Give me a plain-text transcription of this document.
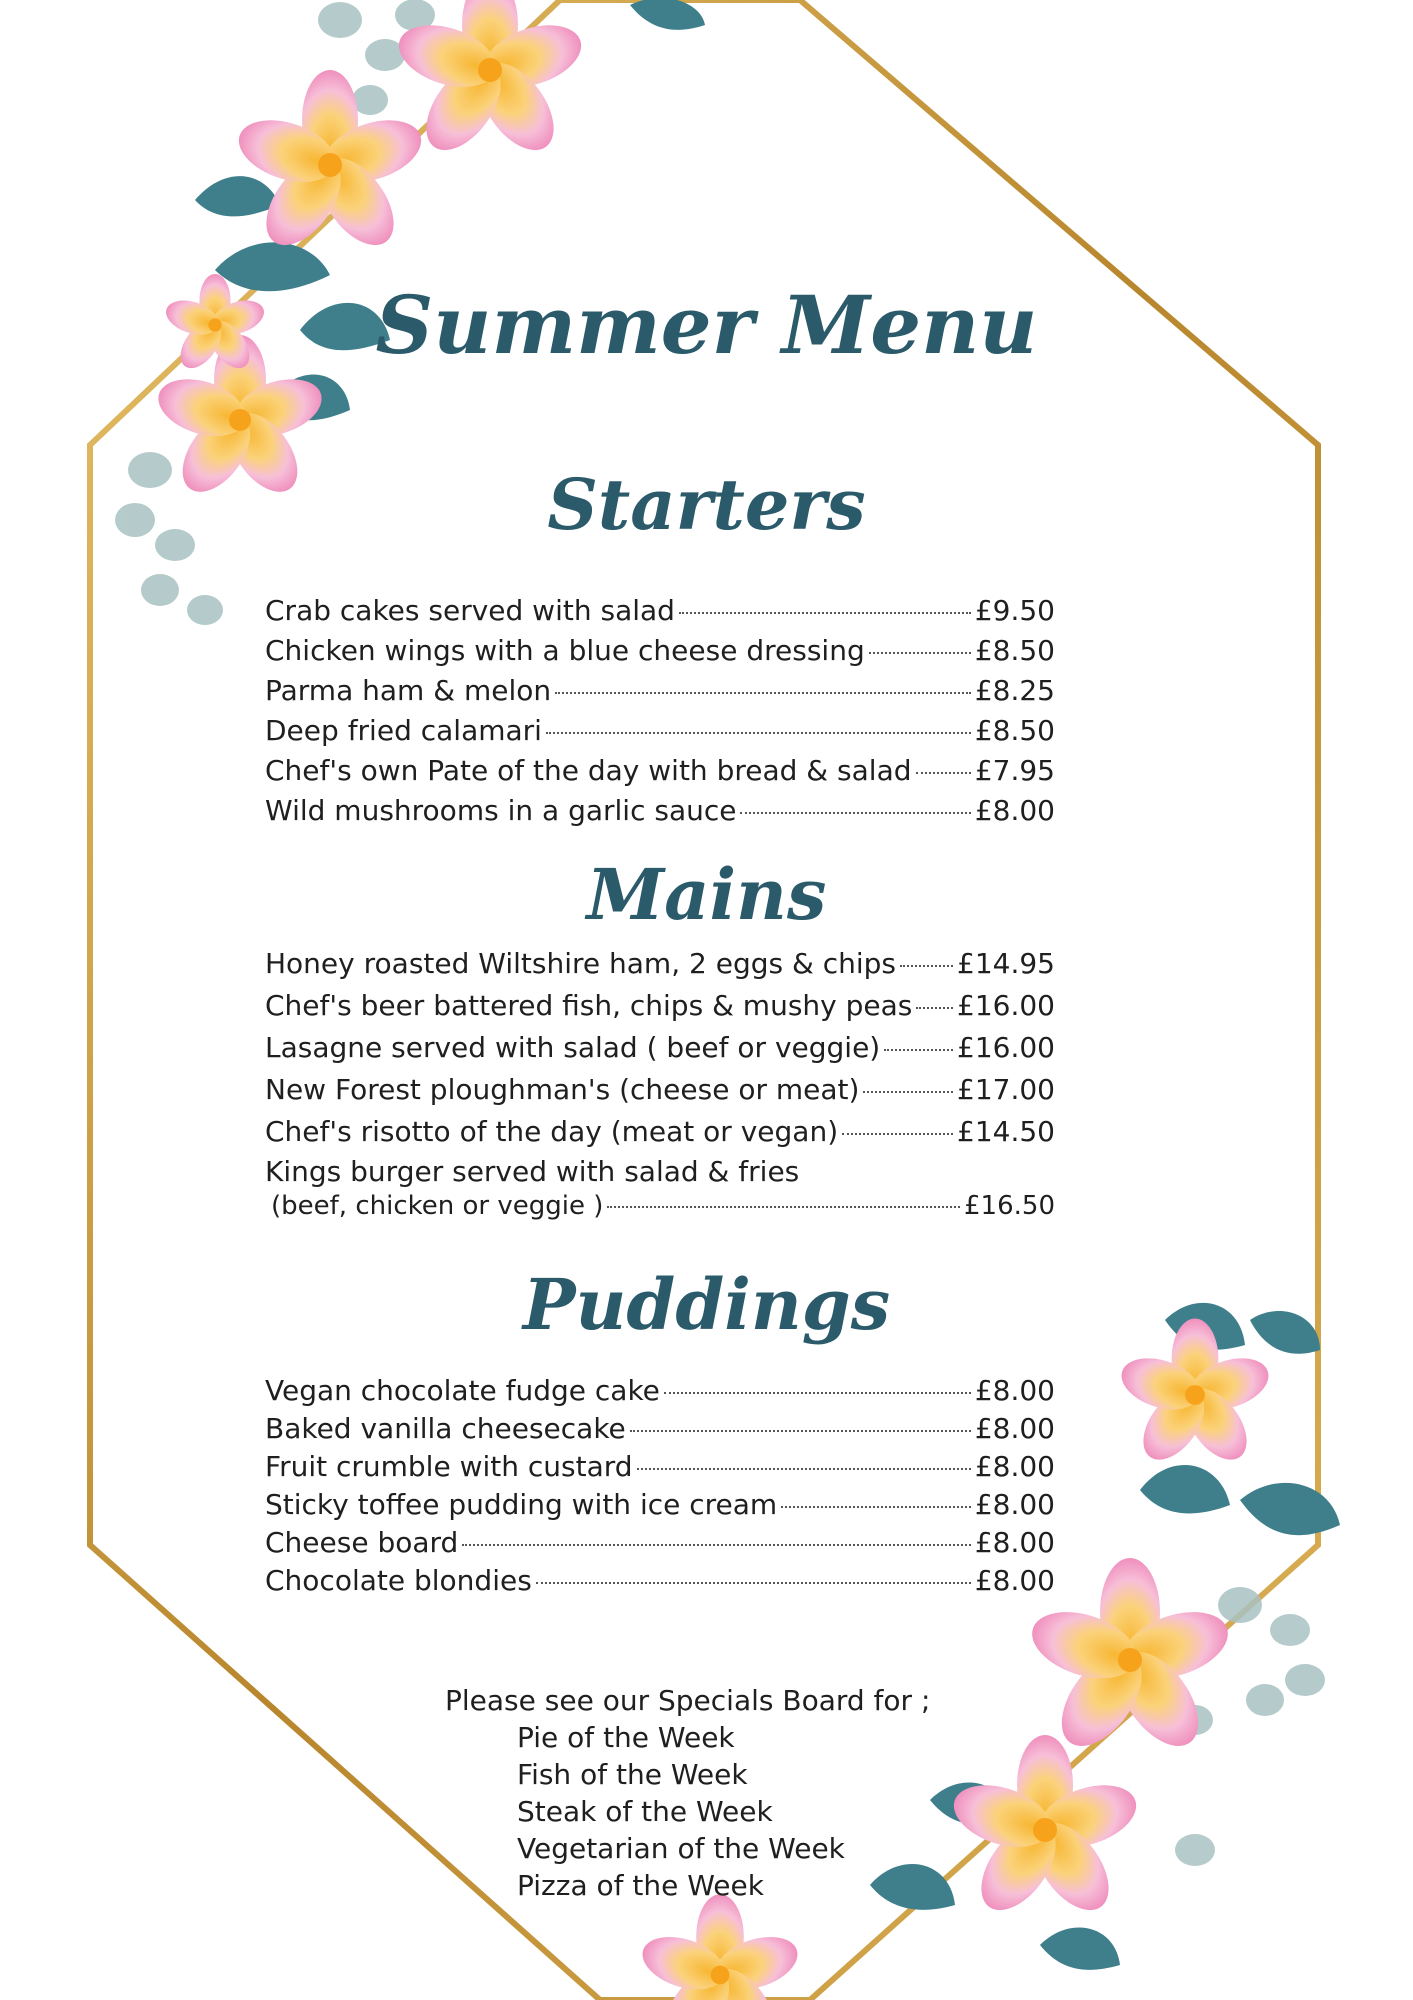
Summer Menu
Starters
Crab cakes served with salad	£9.50
Chicken wings with a blue cheese dressing	£8.50
Parma ham & melon	£8.25
Deep fried calamari	£8.50
Chef's own Pate of the day with bread & salad £7.95
Wild mushrooms in a garlic sauce	£8.00
Mains
Honey roasted Wiltshire ham, 2 eggs & chips £14.95
Chef's beer battered fish, chips & mushy peas £16.00
Lasagne served with salad ( beef or veggie)	£16.00
New Forest ploughman's (cheese or meat)	£17.00
Chef's risotto of the day (meat or vegan)	£14.50
Kings burger served with salad & fries
(beef, chicken or veggie )	£16.50
Puddings
Vegan chocolate fudge cake	£8.00
Baked vanilla cheesecake	£8.00
Fruit crumble with custard	£8.00
Sticky toffee pudding with ice cream	£8.00
Cheese board	£8.00
Chocolate blondies	£8.00
Please see our Specials Board for ;
Pie of the Week
Fish of the Week
Steak of the Week
Vegetarian of the Week
Pizza of the Week
